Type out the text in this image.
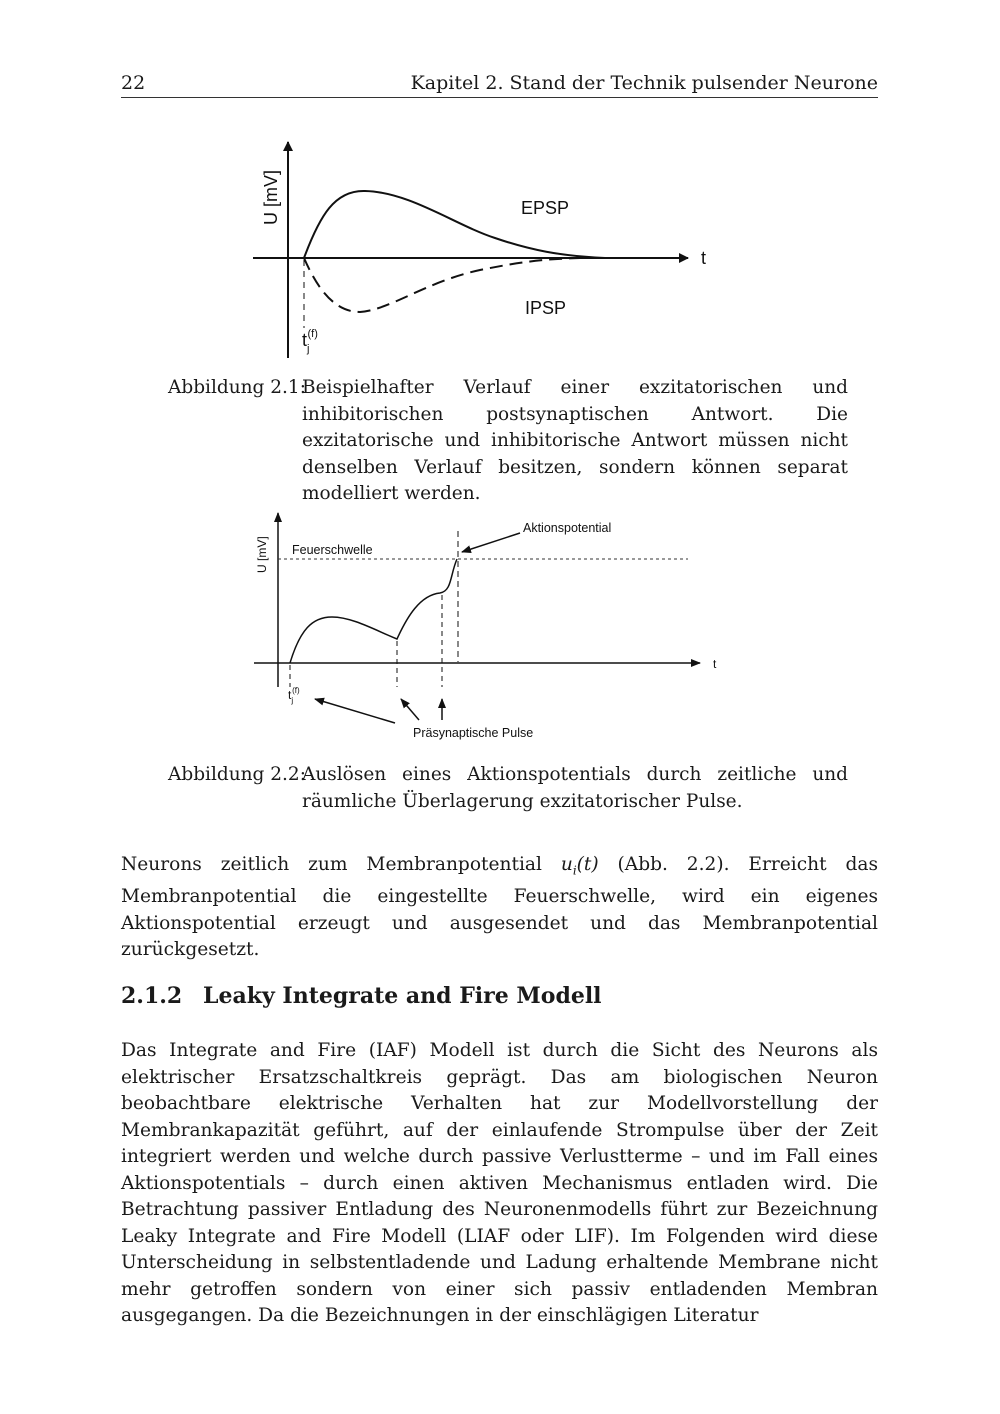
22	Kapitel 2. Stand der Technik pulsender Neurone
U [mV]
t
EPSP
IPSP
$t_j(f)$
Abbildung 2.1:
Beispielhafter Verlauf einer exzitatorischen und inhibitorischen postsynaptischen Antwort. Die exzitatorische und inhibitorische Antwort müssen nicht denselben Verlauf besitzen, sondern können separat modelliert werden.
U [mV]
t
Feuerschwelle
Aktionspotential
$t_j(f)$
Präsynaptische Pulse
Abbildung 2.2:
Auslösen eines Aktionspotentials durch zeitliche und räumliche Überlagerung exzitatorischer Pulse.
Neurons zeitlich zum Membranpotential $u_i(t)$ (Abb. 2.2). Erreicht das Membranpotential die eingestellte Feuerschwelle, wird ein eigenes Aktionspotential erzeugt und ausgesendet und das Membranpotential zurückgesetzt.
2.1.2 Leaky Integrate and Fire Modell
Das Integrate and Fire (IAF) Modell ist durch die Sicht des Neurons als elektrischer Ersatzschaltkreis geprägt. Das am biologischen Neuron beobachtbare elektrische Verhalten hat zur Modellvorstellung der Membrankapazität geführt, auf der einlaufende Strompulse über der Zeit integriert werden und welche durch passive Verlustterme – und im Fall eines Aktionspotentials – durch einen aktiven Mechanismus entladen wird. Die Betrachtung passiver Entladung des Neuronenmodells führt zur Bezeichnung Leaky Integrate and Fire Modell (LIAF oder LIF). Im Folgenden wird diese Unterscheidung in selbstentladende und Ladung erhaltende Membrane nicht mehr getroffen sondern von einer sich passiv entladenden Membran ausgegangen. Da die Bezeichnungen in der einschlägigen Literatur
